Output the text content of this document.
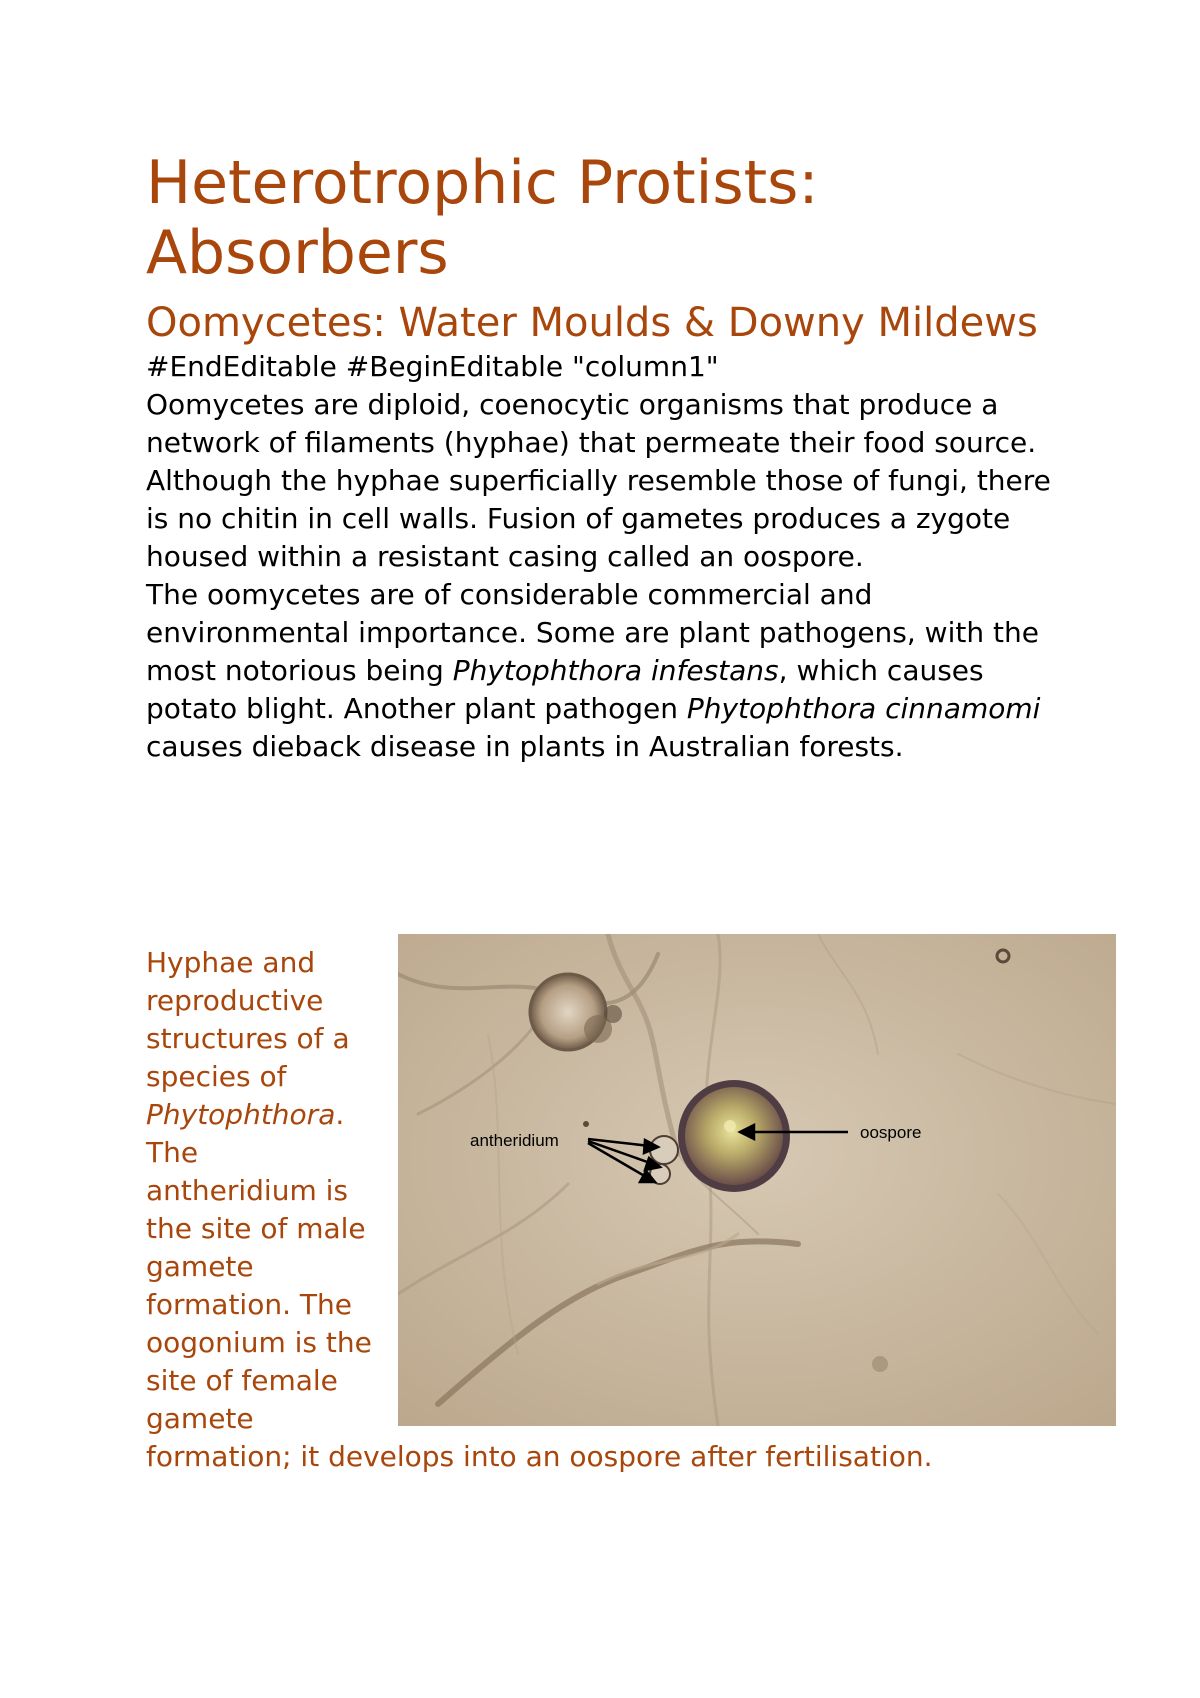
Heterotrophic Protists: Absorbers
Oomycetes: Water Moulds & Downy Mildews

#EndEditable #BeginEditable "column1"

Oomycetes are diploid, coenocytic organisms that produce a network of filaments (hyphae) that permeate their food source. Although the hyphae superficially resemble those of fungi, there is no chitin in cell walls. Fusion of gametes produces a zygote housed within a resistant casing called an oospore.

The oomycetes are of considerable commercial and environmental importance. Some are plant pathogens, with the most notorious being Phytophthora infestans, which causes potato blight. Another plant pathogen Phytophthora cinnamomi causes dieback disease in plants in Australian forests.

antheridium	oospore

Hyphae and reproductive structures of a species of Phytophthora. The antheridium is the site of male gamete formation. The oogonium is the site of female gamete formation; it develops into an oospore after fertilisation.
